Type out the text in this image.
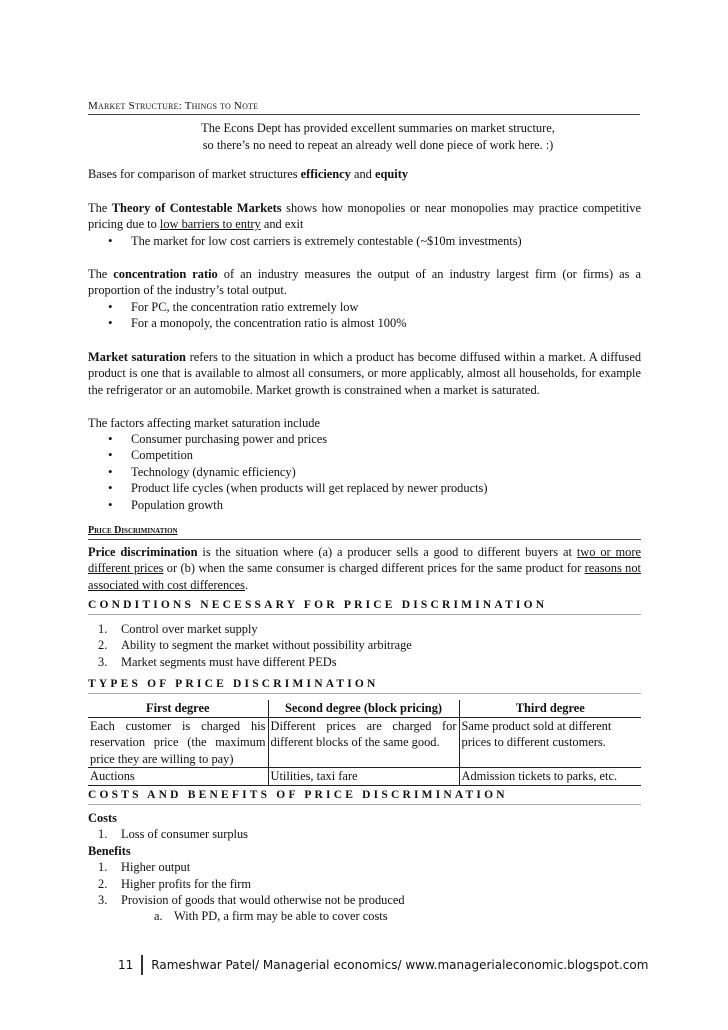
Market Structure: Things to Note
The Econs Dept has provided excellent summaries on market structure,
so there’s no need to repeat an already well done piece of work here. :)
Bases for comparison of market structures efficiency and equity
The Theory of Contestable Markets shows how monopolies or near monopolies may practice competitive pricing due to low barriers to entry and exit
• The market for low cost carriers is extremely contestable (~$10m investments)
The concentration ratio of an industry measures the output of an industry largest firm (or firms) as a proportion of the industry’s total output.
• For PC, the concentration ratio extremely low
• For a monopoly, the concentration ratio is almost 100%
Market saturation refers to the situation in which a product has become diffused within a market. A diffused product is one that is available to almost all consumers, or more applicably, almost all households, for example the refrigerator or an automobile. Market growth is constrained when a market is saturated.
The factors affecting market saturation include
• Consumer purchasing power and prices
• Competition
• Technology (dynamic efficiency)
• Product life cycles (when products will get replaced by newer products)
• Population growth
Price Discrimination
Price discrimination is the situation where (a) a producer sells a good to different buyers at two or more different prices or (b) when the same consumer is charged different prices for the same product for reasons not associated with cost differences.
CONDITIONS NECESSARY FOR PRICE DISCRIMINATION
1.	Control over market supply
2.	Ability to segment the market without possibility arbitrage
3.	Market segments must have different PEDs
TYPES OF PRICE DISCRIMINATION
First degree	Second degree (block pricing)	Third degree
Each customer is charged his reservation price (the maximum price they are willing to pay)	Different prices are charged for different blocks of the same good.	Same product sold at different prices to different customers.
Auctions	Utilities, taxi fare	Admission tickets to parks, etc.
COSTS AND BENEFITS OF PRICE DISCRIMINATION
Costs
1.	Loss of consumer surplus
Benefits
1.	Higher output
2.	Higher profits for the firm
3.	Provision of goods that would otherwise not be produced
a. With PD, a firm may be able to cover costs
11	Rameshwar Patel/ Managerial economics/ www.managerialeconomic.blogspot.com
